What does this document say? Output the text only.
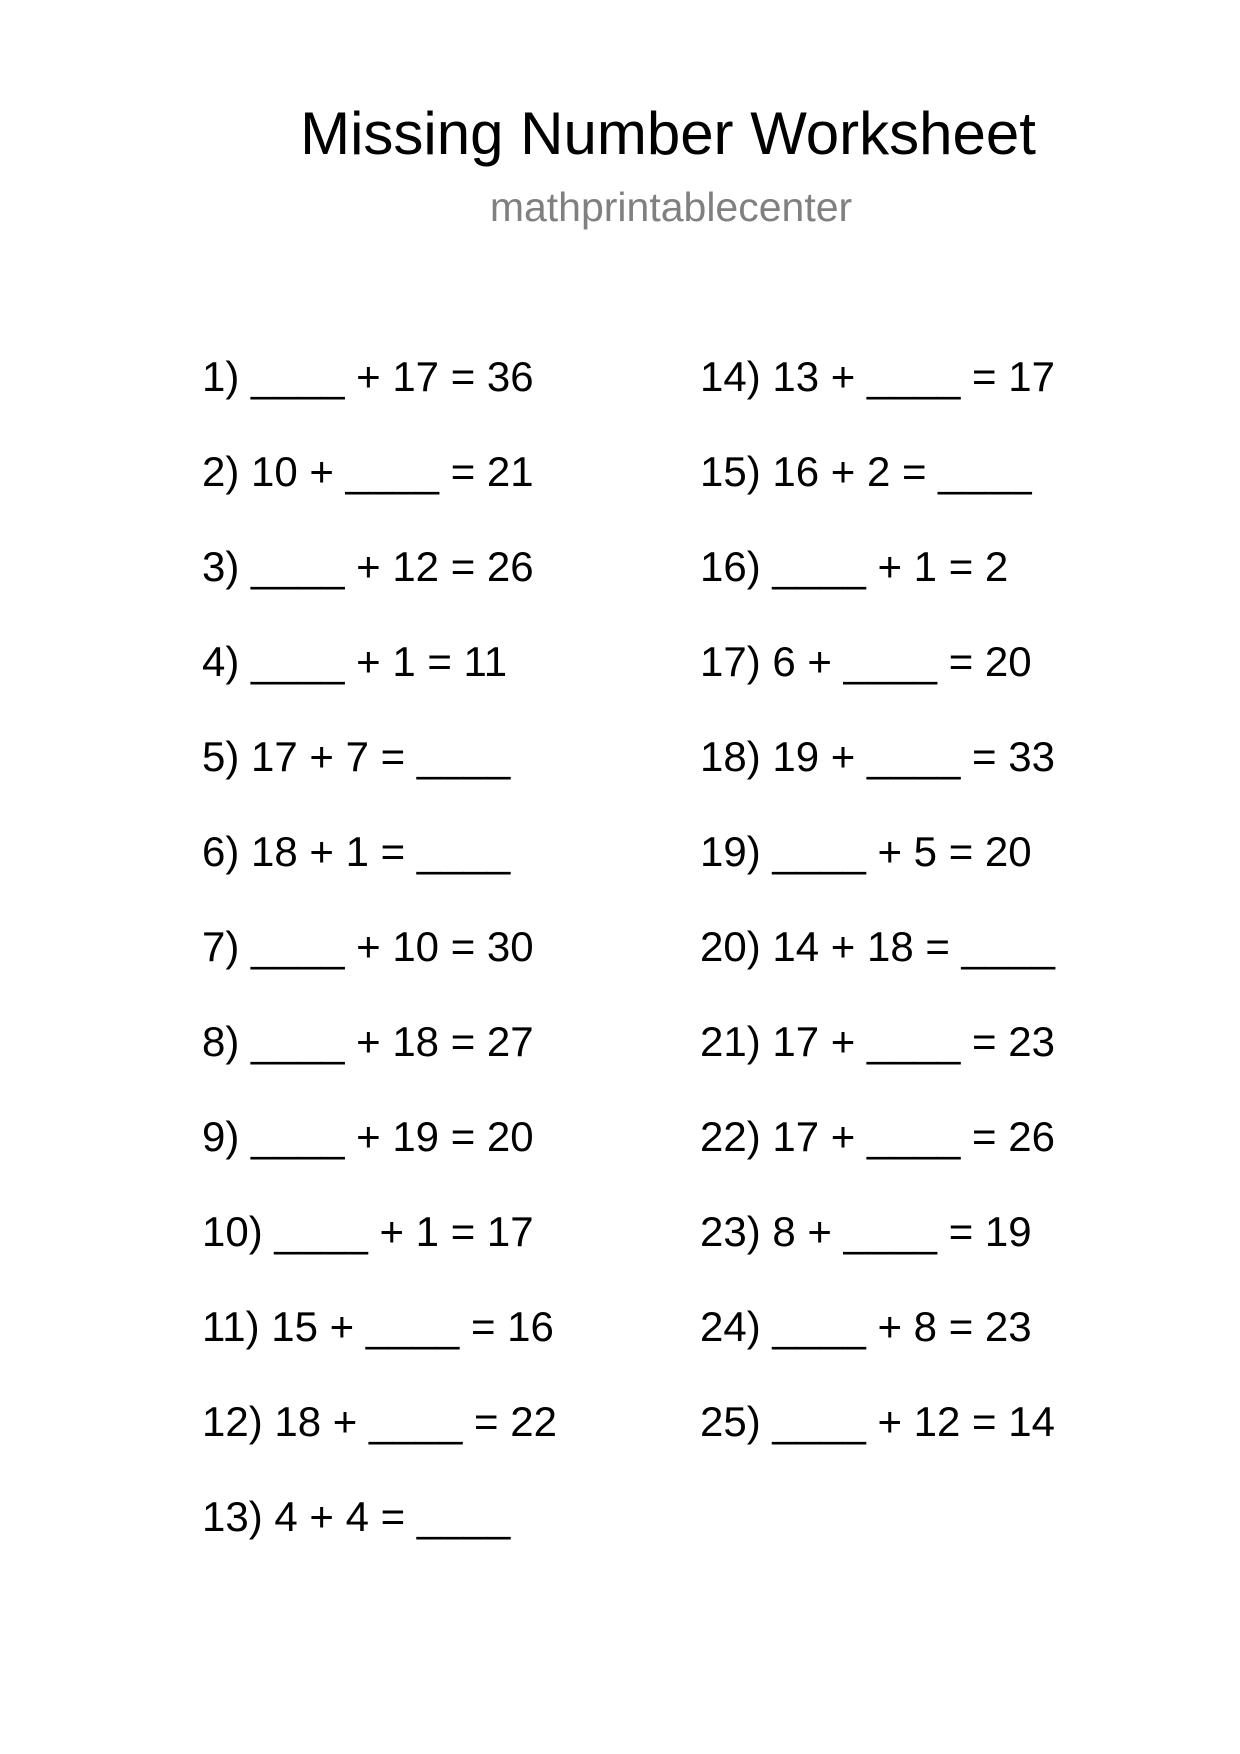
Missing Number Worksheet
mathprintablecenter
1) ____ + 17 = 36
2) 10 + ____ = 21
3) ____ + 12 = 26
4) ____ + 1 = 11
5) 17 + 7 = ____
6) 18 + 1 = ____
7) ____ + 10 = 30
8) ____ + 18 = 27
9) ____ + 19 = 20
10) ____ + 1 = 17
11) 15 + ____ = 16
12) 18 + ____ = 22
13) 4 + 4 = ____
14) 13 + ____ = 17
15) 16 + 2 = ____
16) ____ + 1 = 2
17) 6 + ____ = 20
18) 19 + ____ = 33
19) ____ + 5 = 20
20) 14 + 18 = ____
21) 17 + ____ = 23
22) 17 + ____ = 26
23) 8 + ____ = 19
24) ____ + 8 = 23
25) ____ + 12 = 14
